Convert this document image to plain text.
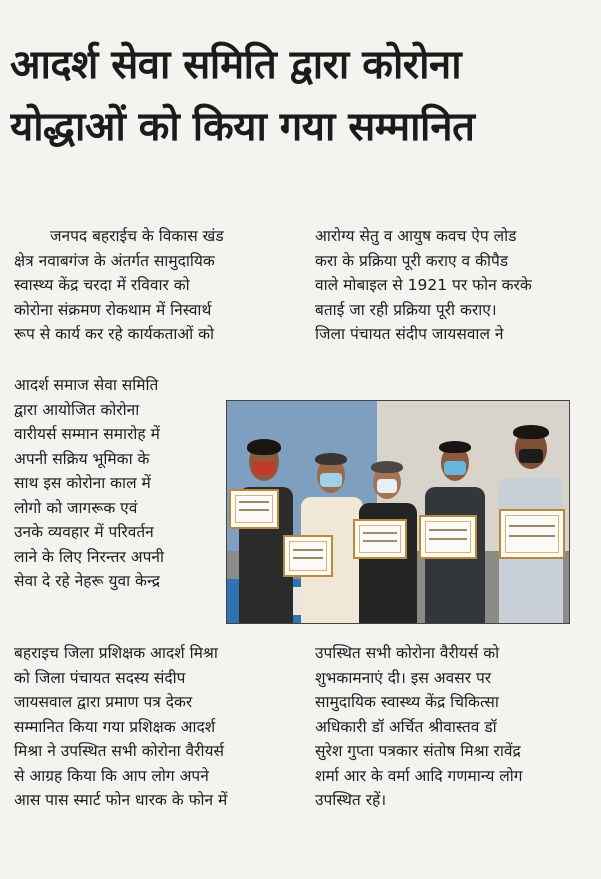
आदर्श सेवा समिति द्वारा कोरोना
योद्धाओं को किया गया सम्मानित
जनपद बहराईच के विकास खंड
क्षेत्र नवाबगंज के अंतर्गत सामुदायिक
स्वास्थ्य केंद्र चरदा में रविवार को
कोरोना संक्रमण रोकथाम में निस्वार्थ
रूप से कार्य कर रहे कार्यकताओं को
आदर्श समाज सेवा समिति
द्वारा आयोजित कोरोना
वारीयर्स सम्मान समारोह में
अपनी सक्रिय भूमिका के
साथ इस कोरोना काल में
लोगो को जागरूक एवं
उनके व्यवहार में परिवर्तन
लाने के लिए निरन्तर अपनी
सेवा दे रहे नेहरू युवा केन्द्र
बहराइच जिला प्रशिक्षक आदर्श मिश्रा
को जिला पंचायत सदस्य संदीप
जायसवाल द्वारा प्रमाण पत्र देकर
सम्मानित किया गया प्रशिक्षक आदर्श
मिश्रा ने उपस्थित सभी कोरोना वैरीयर्स
से आग्रह किया कि आप लोग अपने
आस पास स्मार्ट फोन धारक के फोन में
आरोग्य सेतु व आयुष कवच ऐप लोड
करा के प्रक्रिया पूरी कराए व कीपैड
वाले मोबाइल से 1921 पर फोन करके
बताई जा रही प्रक्रिया पूरी कराए।
जिला पंचायत संदीप जायसवाल ने
उपस्थित सभी कोरोना वैरीयर्स को
शुभकामनाएं दी। इस अवसर पर
सामुदायिक स्वास्थ्य केंद्र चिकित्सा
अधिकारी डॉ अर्चित श्रीवास्तव डॉ
सुरेश गुप्ता पत्रकार संतोष मिश्रा रावेंद्र
शर्मा आर के वर्मा आदि गणमान्य लोग
उपस्थित रहें।
